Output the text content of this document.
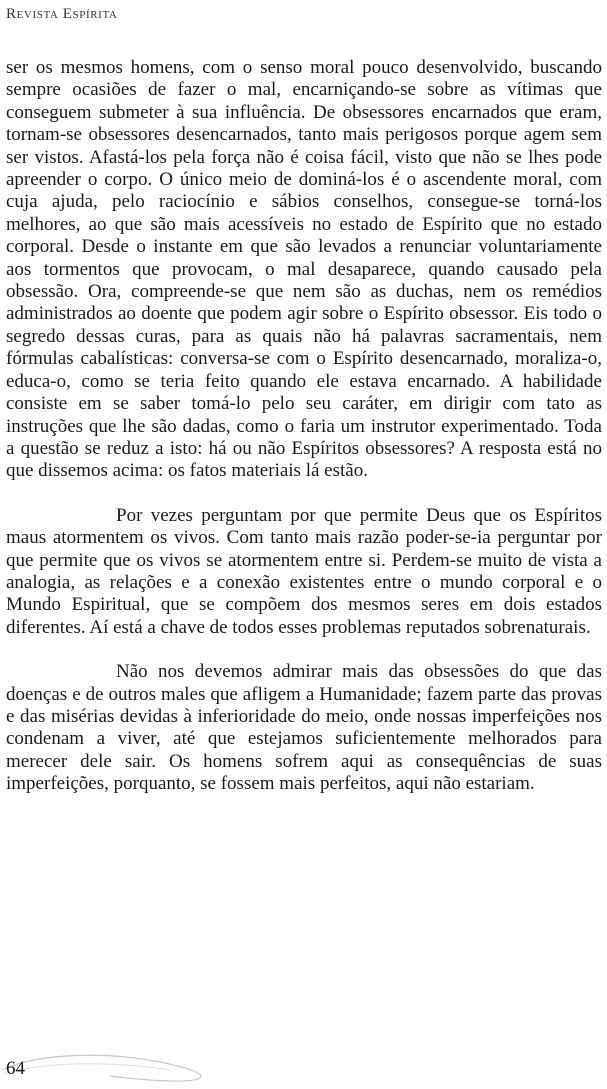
Revista Espírita

ser os mesmos homens, com o senso moral pouco desenvolvido, buscando sempre ocasiões de fazer o mal, encarniçando-se sobre as vítimas que conseguem submeter à sua influência. De obsessores encarnados que eram, tornam-se obsessores desencarnados, tanto mais perigosos porque agem sem ser vistos. Afastá-los pela força não é coisa fácil, visto que não se lhes pode apreender o corpo. O único meio de dominá-los é o ascendente moral, com cuja ajuda, pelo raciocínio e sábios conselhos, consegue-se torná-los melhores, ao que são mais acessíveis no estado de Espírito que no estado corporal. Desde o instante em que são levados a renunciar voluntariamente aos tormentos que provocam, o mal desaparece, quando causado pela obsessão. Ora, compreende-se que nem são as duchas, nem os remédios administrados ao doente que podem agir sobre o Espírito obsessor. Eis todo o segredo dessas curas, para as quais não há palavras sacramentais, nem fórmulas cabalísticas: conversa-se com o Espírito desencarnado, moraliza-o, educa-o, como se teria feito quando ele estava encarnado. A habilidade consiste em se saber tomá-lo pelo seu caráter, em dirigir com tato as instruções que lhe são dadas, como o faria um instrutor experimentado. Toda a questão se reduz a isto: há ou não Espíritos obsessores? A resposta está no que dissemos acima: os fatos materiais lá estão.

Por vezes perguntam por que permite Deus que os Espíritos maus atormentem os vivos. Com tanto mais razão poder-se-ia perguntar por que permite que os vivos se atormentem entre si. Perdem-se muito de vista a analogia, as relações e a conexão existentes entre o mundo corporal e o Mundo Espiritual, que se compõem dos mesmos seres em dois estados diferentes. Aí está a chave de todos esses problemas reputados sobrenaturais.

Não nos devemos admirar mais das obsessões do que das doenças e de outros males que afligem a Humanidade; fazem parte das provas e das misérias devidas à inferioridade do meio, onde nossas imperfeições nos condenam a viver, até que estejamos suficientemente melhorados para merecer dele sair. Os homens sofrem aqui as consequências de suas imperfeições, porquanto, se fossem mais perfeitos, aqui não estariam.

64
